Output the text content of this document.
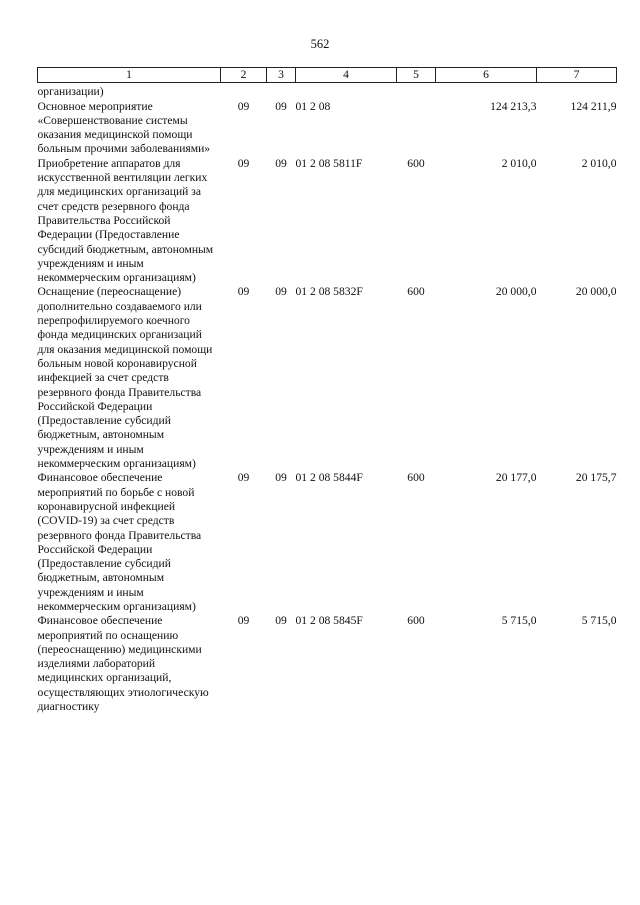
562
1	2	3	4	5	6	7
организации)						
Основное мероприятие «Совершенствование системы оказания медицинской помощи больным прочими заболеваниями»	09	09	01 2 08		124 213,3	124 211,9
Приобретение аппаратов для искусственной вентиляции легких для медицинских организаций за счет средств резервного фонда Правительства Российской Федерации (Предоставление субсидий бюджетным, автономным учреждениям и иным некоммерческим организациям)	09	09	01 2 08 5811F	600	2 010,0	2 010,0
Оснащение (переоснащение) дополнительно создаваемого или перепрофилируемого коечного фонда медицинских организаций для оказания медицинской помощи больным новой коронавирусной инфекцией за счет средств резервного фонда Правительства Российской Федерации (Предоставление субсидий бюджетным, автономным учреждениям и иным некоммерческим организациям)	09	09	01 2 08 5832F	600	20 000,0	20 000,0
Финансовое обеспечение мероприятий по борьбе с новой коронавирусной инфекцией (COVID-19) за счет средств резервного фонда Правительства Российской Федерации (Предоставление субсидий бюджетным, автономным учреждениям и иным некоммерческим организациям)	09	09	01 2 08 5844F	600	20 177,0	20 175,7
Финансовое обеспечение мероприятий по оснащению (переоснащению) медицинскими изделиями лабораторий медицинских организаций, осуществляющих этиологическую диагностику	09	09	01 2 08 5845F	600	5 715,0	5 715,0
